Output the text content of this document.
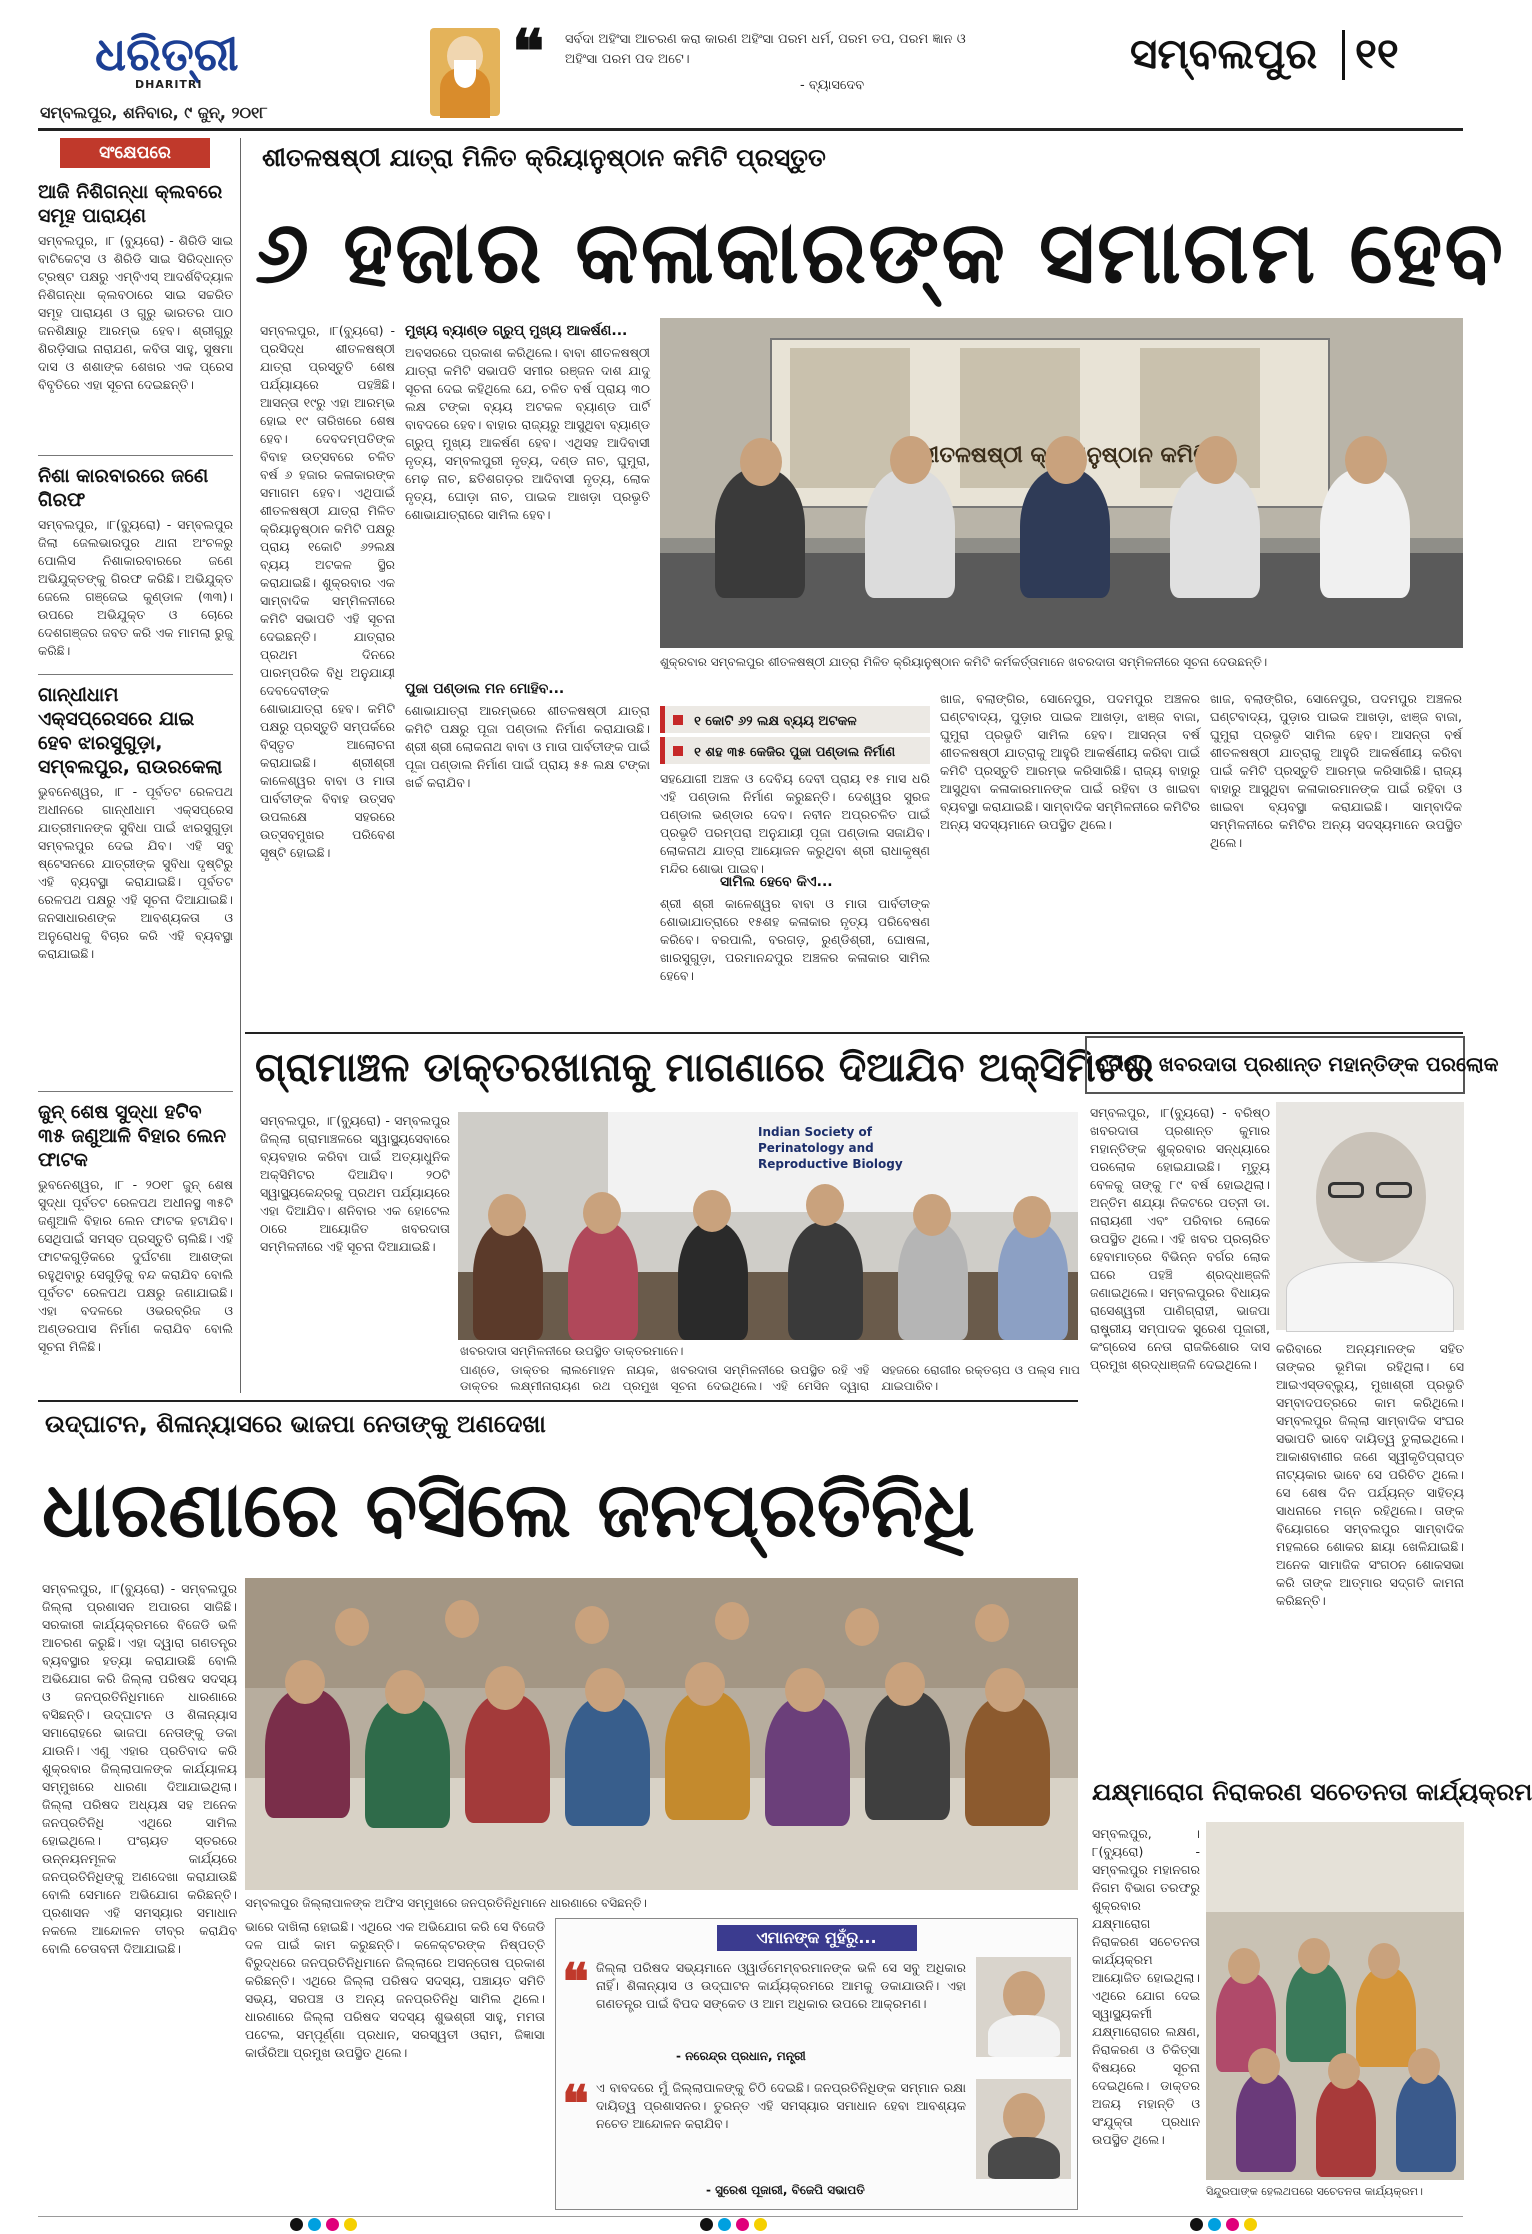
ଧରିତ୍ରୀ
DHARITRI
ସମ୍ବଲପୁର, ଶନିବାର, ୯ ଜୁନ୍, ୨୦୧୮
❝ ସର୍ବଦା ଅହିଂସା ଆଚରଣ କରା କାରଣ ଅହିଂସା ପରମ ଧର୍ମ, ପରମ ତପ, ପରମ ଜ୍ଞାନ ଓ ଅହିଂସା ପରମ ପଦ ଅଟେ।
- ବ୍ୟାସଦେବ
ସମ୍ବଲପୁର ୧୧
ସଂକ୍ଷେପରେ
ଆଜି ନିଶିଗନ୍ଧା କ୍ଲବରେ ସମୂହ ପାରାୟଣ
ସମ୍ବଲପୁର, ।୮ (ବ୍ୟୁରୋ) - ଶିରିଡି ସାଇ ବାଟିକେଟ୍ସ ଓ ଶିରିଡି ସାଇ ସିରିଦ୍ଧାନ୍ତ ଟ୍ରଷ୍ଟ ପକ୍ଷରୁ ଏମ୍‌ବିଏସ୍ ଆଦର୍ଶବିଦ୍ୟାଳ ନିଶିଗନ୍ଧା କ୍ଲବଠାରେ ସାଇ ସଚ୍ଚରିତ ସମୂହ ପାରାୟଣ ଓ ଗୁରୁ ଭାରତର ପାଠ ଜନଶିକ୍ଷାରୁ ଆରମ୍ଭ ହେବ। ଶ୍ରୀଗୁରୁ ଶିରଡ଼ିସାଇ ନାରାଯଣ, କବିତା ସାହୁ, ସୁଷମା ଦାସ ଓ ଶଶାଙ୍କ ଶେଖର ଏକ ପ୍ରେସ ବିବୃତିରେ ଏହା ସୂଚନା ଦେଇଛନ୍ତି।
ନିଶା କାରବାରରେ ଜଣେ ଗିରଫ
ସମ୍ବଲପୁର, ।୮(ବ୍ୟୁରୋ) - ସମ୍ବଲପୁର ଜିଲା ଜେଲଭାରପୁର ଥାନା ଅଂଚଳରୁ ପୋଲିସ ନିଶାକାରବାରରେ ଜଣେ ଅଭିଯୁକ୍ତଙ୍କୁ ଗିରଫ କରିଛି। ଅଭିଯୁକ୍ତ ଜେଲେ ଗଞ୍ଜେଇ କୁଣ୍ଡାଳ (୩୩)। ଉପରେ ଅଭିଯୁକ୍ତ ଓ ଚୋରେ ଦେଶଗଞ୍ଜର ଜବତ କରି ଏକ ମାମଲା ରୁଜୁ କରିଛି।
ଗାନ୍ଧୀଧାମ ଏକ୍ସପ୍ରେସରେ ଯାଇ ହେବ ଝାରସୁଗୁଡ଼ା, ସମ୍ବଲପୁର, ରାଉରକେଲା
ଭୁବନେଶ୍ୱର, ।୮ - ପୂର୍ବତଟ ରେଳପଥ ଅଧୀନରେ ଗାନ୍ଧୀଧାମ ଏକ୍ସପ୍ରେସ ଯାତ୍ରୀମାନଙ୍କ ସୁବିଧା ପାଇଁ ଝାରସୁଗୁଡ଼ା ସମ୍ବଲପୁର ଦେଇ ଯିବ। ଏହି ସବୁ ଷ୍ଟେସନରେ ଯାତ୍ରୀଙ୍କ ସୁବିଧା ଦୃଷ୍ଟିରୁ ଏହି ବ୍ୟବସ୍ଥା କରାଯାଇଛି। ପୂର୍ବତଟ ରେଳପଥ ପକ୍ଷରୁ ଏହି ସୂଚନା ଦିଆଯାଇଛି। ଜନସାଧାରଣଙ୍କ ଆବଶ୍ୟକତା ଓ ଅନୁରୋଧକୁ ବିଚାର କରି ଏହି ବ୍ୟବସ୍ଥା କରାଯାଇଛି।
ଜୁନ୍ ଶେଷ ସୁଦ୍ଧା ହଟିବ ୩୫ ଜଣୁଆଳି ବିହାର ଲେନ ଫାଟକ
ଭୁବନେଶ୍ୱର, ।୮ - ୨୦୧୮ ଜୁନ୍ ଶେଷ ସୁଦ୍ଧା ପୂର୍ବତଟ ରେଳପଥ ଅଧୀନସ୍ଥ ୩୫ଟି ଜଣୁଆଳି ବିହାର ଲେନ ଫାଟକ ହଟାଯିବ। ସେଥିପାଇଁ ସମସ୍ତ ପ୍ରସ୍ତୁତି ଚାଲିଛି। ଏହି ଫାଟକଗୁଡ଼ିକରେ ଦୁର୍ଘଟଣା ଆଶଙ୍କା ରହୁଥିବାରୁ ସେଗୁଡ଼ିକୁ ବନ୍ଦ କରାଯିବ ବୋଲି ପୂର୍ବତଟ ରେଳପଥ ପକ୍ଷରୁ ଜଣାଯାଇଛି। ଏହା ବଦଳରେ ଓଭରବ୍ରିଜ ଓ ଅଣ୍ଡରପାସ ନିର୍ମାଣ କରାଯିବ ବୋଲି ସୂଚନା ମିଳିଛି।
ଶୀତଳଷଷ୍ଠୀ ଯାତ୍ରା ମିଳିତ କ୍ରିୟାନୁଷ୍ଠାନ କମିଟି ପ୍ରସ୍ତୁତ
୬ ହଜାର କଳାକାରଙ୍କ ସମାଗମ ହେବ
ସମ୍ବଲପୁର, ।୮(ବ୍ୟୁରୋ) - ପ୍ରସିଦ୍ଧ ଶୀତଳଷଷ୍ଠୀ ଯାତ୍ରା ପ୍ରସ୍ତୁତି ଶେଷ ପର୍ଯ୍ୟାୟରେ ପହଞ୍ଚିଛି। ଆସନ୍ତା ୧୯ରୁ ଏହା ଆରମ୍ଭ ହୋଇ ୧୯ ତାରିଖରେ ଶେଷ ହେବ। ଦେବଦମ୍ପତିଙ୍କ ବିବାହ ଉତ୍ସବରେ ଚଳିତ ବର୍ଷ ୬ ହଜାର କଳାକାରଙ୍କ ସମାଗମ ହେବ। ଏଥିପାଇଁ ଶୀତଳଷଷ୍ଠୀ ଯାତ୍ରା ମିଳିତ କ୍ରିୟାନୁଷ୍ଠାନ କମିଟି ପକ୍ଷରୁ ପ୍ରାୟ ୧କୋଟି ୬୨ଲକ୍ଷ ବ୍ୟୟ ଅଟକଳ ସ୍ଥିର କରାଯାଇଛି। ଶୁକ୍ରବାର ଏକ ସାମ୍ବାଦିକ ସମ୍ମିଳନୀରେ କମିଟି ସଭାପତି ଏହି ସୂଚନା ଦେଇଛନ୍ତି। ଯାତ୍ରାର ପ୍ରଥମ ଦିନରେ ପାରମ୍ପରିକ ବିଧି ଅନୁଯାୟୀ ଦେବଦେବୀଙ୍କ ଶୋଭାଯାତ୍ରା ହେବ। କମିଟି ପକ୍ଷରୁ ପ୍ରସ୍ତୁତି ସମ୍ପର୍କରେ ବିସ୍ତୃତ ଆଲୋଚନା କରାଯାଇଛି। ଶ୍ରୀଶ୍ରୀ କାଳେଶ୍ୱର ବାବା ଓ ମାତା ପାର୍ବତୀଙ୍କ ବିବାହ ଉତ୍ସବ ଉପଲକ୍ଷେ ସହରରେ ଉତ୍ସବମୁଖର ପରିବେଶ ସୃଷ୍ଟି ହୋଇଛି।
ମୁଖ୍ୟ ବ୍ୟାଣ୍ଡ ଗ୍ରୁପ୍ ମୁଖ୍ୟ ଆକର୍ଷଣ...
ଅବସରରେ ପ୍ରକାଶ କରିଥିଲେ। ବାବା ଶୀତଳଷଷ୍ଠୀ ଯାତ୍ରା କମିଟି ସଭାପତି ସମୀର ରଞ୍ଜନ ଦାଶ ଯାଦୁ ସୂଚନା ଦେଇ କହିଥିଲେ ଯେ, ଚଳିତ ବର୍ଷ ପ୍ରାୟ ୩୦ ଲକ୍ଷ ଟଙ୍କା ବ୍ୟୟ ଅଟକଳ ବ୍ୟାଣ୍ଡ ପାର୍ଟି ବାବଦରେ ହେବ। ବାହାର ରାଜ୍ୟରୁ ଆସୁଥିବା ବ୍ୟାଣ୍ଡ ଗ୍ରୁପ୍ ମୁଖ୍ୟ ଆକର୍ଷଣ ହେବ। ଏଥିସହ ଆଦିବାସୀ ନୃତ୍ୟ, ସମ୍ବଲପୁରୀ ନୃତ୍ୟ, ଦଣ୍ଡ ନାଚ, ଘୁମୁରା, ମେଢ଼ ନାଚ, ଛତିଶଗଡ଼ର ଆଦିବାସୀ ନୃତ୍ୟ, ଲୋକ ନୃତ୍ୟ, ଘୋଡ଼ା ନାଚ, ପାଇକ ଆଖଡ଼ା ପ୍ରଭୃତି ଶୋଭାଯାତ୍ରାରେ ସାମିଲ ହେବ।
ପୁଜା ପଣ୍ଡାଲ ମନ ମୋହିବ...
ଶୋଭାଯାତ୍ରା ଆରମ୍ଭରେ ଶୀତଳଷଷ୍ଠୀ ଯାତ୍ରା କମିଟି ପକ୍ଷରୁ ପୂଜା ପଣ୍ଡାଲ ନିର୍ମାଣ କରାଯାଉଛି। ଶ୍ରୀ ଶ୍ରୀ ଲୋକନାଥ ବାବା ଓ ମାତା ପାର୍ବତୀଙ୍କ ପାଇଁ ପୂଜା ପଣ୍ଡାଲ ନିର୍ମାଣ ପାଇଁ ପ୍ରାୟ ୫୫ ଲକ୍ଷ ଟଙ୍କା ଖର୍ଚ୍ଚ କରାଯିବ।
ଶ୍ରୀତଳଷଷ୍ଠୀ କ୍ରିୟାନୁଷ୍ଠାନ କମିଟି
ଶୁକ୍ରବାର ସମ୍ବଲପୁର ଶୀତଳଷଷ୍ଠୀ ଯାତ୍ରା ମିଳିତ କ୍ରିୟାନୁଷ୍ଠାନ କମିଟି କର୍ମକର୍ତ୍ତାମାନେ ଖବରଦାତା ସମ୍ମିଳନୀରେ ସୂଚନା ଦେଉଛନ୍ତି।
୧ କୋଟି ୬୨ ଲକ୍ଷ ବ୍ୟୟ ଅଟକଳ
୧ ଶହ ୩୫ କେଜିର ପୁଜା ପଣ୍ଡାଲ ନିର୍ମାଣ
ସହଯୋଗୀ ଅଞ୍ଚଳ ଓ ଦେବିୟ ଦେବୀ ପ୍ରାୟ ୧୫ ମାସ ଧରି ଏହି ପଣ୍ଡାଲ ନିର୍ମାଣ କରୁଛନ୍ତି। ଦେଶ୍ୱର ସୁରଜ ପଣ୍ଡାଲ ଭଣ୍ଡାର ଦେବ। ନବୀନ ଅପ୍ରଚଳିତ ପାଇଁ ପ୍ରଭୃତି ପରମ୍ପରା ଅନୁଯାୟୀ ପୂଜା ପଣ୍ଡାଲ ସଜାଯିବ। ଲୋକନାଥ ଯାତ୍ରା ଆୟୋଜନ କରୁଥିବା ଶ୍ରୀ ରାଧାକୃଷ୍ଣ ମନ୍ଦିର ଶୋଭା ପାଇବ।
ସାମିଲ ହେବେ କିଏ...
ଶ୍ରୀ ଶ୍ରୀ କାଳେଶ୍ୱର ବାବା ଓ ମାତା ପାର୍ବତୀଙ୍କ ଶୋଭାଯାତ୍ରାରେ ୧୫ଶହ କଳାକାର ନୃତ୍ୟ ପରିବେଷଣ କରିବେ। ବରପାଲି, ବରଗଡ଼, ରୁଣ୍ଡିଶ୍ରୀ, ଘୋଷଳା, ଖାରସୁଗୁଡ଼ା, ପରମାନନ୍ଦପୁର ଅଞ୍ଚଳର କଳାକାର ସାମିଲ ହେବେ।
ଖାଜ, ବଲାଙ୍ଗିର, ସୋନେପୁର, ପଦମପୁର ଅଞ୍ଚଳର ଘଣ୍ଟବାଦ୍ୟ, ପୁଡ଼ାର ପାଇକ ଆଖଡ଼ା, ଝାଞ୍ଜ ବାଜା, ଘୁମୁରା ପ୍ରଭୃତି ସାମିଲ ହେବ। ଆସନ୍ତା ବର୍ଷ ଶୀତଳଷଷ୍ଠୀ ଯାତ୍ରାକୁ ଆହୁରି ଆକର୍ଷଣୀୟ କରିବା ପାଇଁ କମିଟି ପ୍ରସ୍ତୁତି ଆରମ୍ଭ କରିସାରିଛି। ରାଜ୍ୟ ବାହାରୁ ଆସୁଥିବା କଳାକାରମାନଙ୍କ ପାଇଁ ରହିବା ଓ ଖାଇବା ବ୍ୟବସ୍ଥା କରାଯାଇଛି। ସାମ୍ବାଦିକ ସମ୍ମିଳନୀରେ କମିଟିର ଅନ୍ୟ ସଦସ୍ୟମାନେ ଉପସ୍ଥିତ ଥିଲେ।
ଖାଜ, ବଲାଙ୍ଗିର, ସୋନେପୁର, ପଦମପୁର ଅଞ୍ଚଳର ଘଣ୍ଟବାଦ୍ୟ, ପୁଡ଼ାର ପାଇକ ଆଖଡ଼ା, ଝାଞ୍ଜ ବାଜା, ଘୁମୁରା ପ୍ରଭୃତି ସାମିଲ ହେବ। ଆସନ୍ତା ବର୍ଷ ଶୀତଳଷଷ୍ଠୀ ଯାତ୍ରାକୁ ଆହୁରି ଆକର୍ଷଣୀୟ କରିବା ପାଇଁ କମିଟି ପ୍ରସ୍ତୁତି ଆରମ୍ଭ କରିସାରିଛି। ରାଜ୍ୟ ବାହାରୁ ଆସୁଥିବା କଳାକାରମାନଙ୍କ ପାଇଁ ରହିବା ଓ ଖାଇବା ବ୍ୟବସ୍ଥା କରାଯାଇଛି। ସାମ୍ବାଦିକ ସମ୍ମିଳନୀରେ କମିଟିର ଅନ୍ୟ ସଦସ୍ୟମାନେ ଉପସ୍ଥିତ ଥିଲେ।
ଗ୍ରାମାଞ୍ଚଳ ଡାକ୍ତରଖାନାକୁ ମାଗଣାରେ ଦିଆଯିବ ଅକ୍ସିମିଟର
ସମ୍ବଲପୁର, ।୮(ବ୍ୟୁରୋ) - ସମ୍ବଲପୁର ଜିଲ୍ଲା ଗ୍ରାମାଞ୍ଚଳରେ ସ୍ୱାସ୍ଥ୍ୟସେବାରେ ବ୍ୟବହାର କରିବା ପାଇଁ ଅତ୍ୟାଧୁନିକ ଅକ୍ସିମିଟର ଦିଆଯିବ। ୨୦ଟି ସ୍ୱାସ୍ଥ୍ୟକେନ୍ଦ୍ରକୁ ପ୍ରଥମ ପର୍ଯ୍ୟାୟରେ ଏହା ଦିଆଯିବ। ଶନିବାର ଏକ ହୋଟେଲ ଠାରେ ଆୟୋଜିତ ଖବରଦାତା ସମ୍ମିଳନୀରେ ଏହି ସୂଚନା ଦିଆଯାଇଛି।
Indian Society of Perinatology and Reproductive Biology
ଖବରଦାତା ସମ୍ମିଳନୀରେ ଉପସ୍ଥିତ ଡାକ୍ତରମାନେ।
ପାଣ୍ଡେ, ଡାକ୍ତର ଲାଲମୋହନ ନାୟକ, ଡାକ୍ତର ଲକ୍ଷ୍ମୀନାରାୟଣ ରଥ ପ୍ରମୁଖ ଖବରଦାତା ସମ୍ମିଳନୀରେ ଉପସ୍ଥିତ ରହି ଏହି ସୂଚନା ଦେଇଥିଲେ। ଏହି ମେସିନ ଦ୍ୱାରା ସହଜରେ ରୋଗୀର ରକ୍ତଚାପ ଓ ପଲ୍ସ ମାପ ଯାଇପାରିବ।
ବରିଷ୍ଠ ଖବରଦାତା ପ୍ରଶାନ୍ତ ମହାନ୍ତିଙ୍କ ପରଲୋକ
ସମ୍ବଲପୁର, ।୮(ବ୍ୟୁରୋ) - ବରିଷ୍ଠ ଖବରଦାତା ପ୍ରଶାନ୍ତ କୁମାର ମହାନ୍ତିଙ୍କ ଶୁକ୍ରବାର ସନ୍ଧ୍ୟାରେ ପରଲୋକ ହୋଇଯାଇଛି। ମୃତ୍ୟୁ ବେଳକୁ ତାଙ୍କୁ ୮୯ ବର୍ଷ ହୋଇଥିଲା। ଅନ୍ତିମ ଶଯ୍ୟା ନିକଟରେ ପତ୍ନୀ ଡା. ନାରାୟଣୀ ଏବଂ ପରିବାର ଲୋକେ ଉପସ୍ଥିତ ଥିଲେ। ଏହି ଖବର ପ୍ରଚାରିତ ହେବାମାତ୍ରେ ବିଭିନ୍ନ ବର୍ଗର ଲୋକ ଘରେ ପହଞ୍ଚି ଶ୍ରଦ୍ଧାଞ୍ଜଳି ଜଣାଇଥିଲେ। ସମ୍ବଲପୁରର ବିଧାୟକ ରାସେଶ୍ୱରୀ ପାଣିଗ୍ରାହୀ, ଭାଜପା ରାଷ୍ଟ୍ରୀୟ ସମ୍ପାଦକ ସୁରେଶ ପୂଜାରୀ, କଂଗ୍ରେସ ନେତା ରାଜକିଶୋର ଦାସ ପ୍ରମୁଖ ଶ୍ରଦ୍ଧାଞ୍ଜଳି ଦେଇଥିଲେ।
କରିବାରେ ଅନ୍ୟମାନଙ୍କ ସହିତ ତାଙ୍କର ଭୂମିକା ରହିଥିଲା। ସେ ଆଇଏସ୍‌ଡବ୍ଲ୍ୟୁ, ମୁଖାଶ୍ରୀ ପ୍ରଭୃତି ସମ୍ବାଦପତ୍ରରେ କାମ କରିଥିଲେ। ସମ୍ବଲପୁର ଜିଲ୍ଲା ସାମ୍ବାଦିକ ସଂଘର ସଭାପତି ଭାବେ ଦାୟିତ୍ୱ ତୁଲାଇଥିଲେ। ଆକାଶବାଣୀର ଜଣେ ସ୍ୱୀକୃତିପ୍ରାପ୍ତ ନାଟ୍ୟକାର ଭାବେ ସେ ପରିଚିତ ଥିଲେ। ସେ ଶେଷ ଦିନ ପର୍ଯ୍ୟନ୍ତ ସାହିତ୍ୟ ସାଧନାରେ ମଗ୍ନ ରହିଥିଲେ। ତାଙ୍କ ବିୟୋଗରେ ସମ୍ବଲପୁର ସାମ୍ବାଦିକ ମହଲରେ ଶୋକର ଛାୟା ଖେଳିଯାଇଛି। ଅନେକ ସାମାଜିକ ସଂଗଠନ ଶୋକସଭା କରି ତାଙ୍କ ଆତ୍ମାର ସଦ୍‌ଗତି କାମନା କରିଛନ୍ତି।
ଉଦ୍‌ଘାଟନ, ଶିଳାନ୍ୟାସରେ ଭାଜପା ନେତାଙ୍କୁ ଅଣଦେଖା
ଧାରଣାରେ ବସିଲେ ଜନପ୍ରତିନିଧି
ସମ୍ବଲପୁର, ।୮(ବ୍ୟୁରୋ) - ସମ୍ବଲପୁର ଜିଲ୍ଲା ପ୍ରଶାସନ ଅପାରଗ ସାଜିଛି। ସରକାରୀ କାର୍ଯ୍ୟକ୍ରମରେ ବିଜେଡି ଭଳି ଆଚରଣ କରୁଛି। ଏହା ଦ୍ୱାରା ଗଣତନ୍ତ୍ର ବ୍ୟବସ୍ଥାର ହତ୍ୟା କରାଯାଉଛି ବୋଲି ଅଭିଯୋଗ କରି ଜିଲ୍ଲା ପରିଷଦ ସଦସ୍ୟ ଓ ଜନପ୍ରତିନିଧିମାନେ ଧାରଣାରେ ବସିଛନ୍ତି। ଉଦ୍‌ଘାଟନ ଓ ଶିଳାନ୍ୟାସ ସମାରୋହରେ ଭାଜପା ନେତାଙ୍କୁ ଡକା ଯାଉନି। ଏଣୁ ଏହାର ପ୍ରତିବାଦ କରି ଶୁକ୍ରବାର ଜିଲ୍ଲାପାଳଙ୍କ କାର୍ଯ୍ୟାଳୟ ସମ୍ମୁଖରେ ଧାରଣା ଦିଆଯାଇଥିଲା। ଜିଲ୍ଲା ପରିଷଦ ଅଧ୍ୟକ୍ଷ ସହ ଅନେକ ଜନପ୍ରତିନିଧି ଏଥିରେ ସାମିଲ ହୋଇଥିଲେ। ପଂଚାୟତ ସ୍ତରରେ ଉନ୍ନୟନମୂଳକ କାର୍ଯ୍ୟରେ ଜନପ୍ରତିନିଧିଙ୍କୁ ଅଣଦେଖା କରାଯାଉଛି ବୋଲି ସେମାନେ ଅଭିଯୋଗ କରିଛନ୍ତି। ପ୍ରଶାସନ ଏହି ସମସ୍ୟାର ସମାଧାନ ନକଲେ ଆନ୍ଦୋଳନ ତୀବ୍ର କରାଯିବ ବୋଲି ଚେତାବନୀ ଦିଆଯାଇଛି।
ସମ୍ବଲପୁର ଜିଲ୍ଲାପାଳଙ୍କ ଅଫିସ ସମ୍ମୁଖରେ ଜନପ୍ରତିନିଧିମାନେ ଧାରଣାରେ ବସିଛନ୍ତି।
ଭାରେ ଦାଖିଲା ହୋଇଛି। ଏଥିରେ ଏକ ଅଭିଯୋଗ କରି ସେ ବିଜେଡି ଦଳ ପାଇଁ କାମ କରୁଛନ୍ତି। କଳେକ୍ଟରଙ୍କ ନିଷ୍ପତ୍ତି ବିରୁଦ୍ଧରେ ଜନପ୍ରତିନିଧିମାନେ ଜିଲ୍ଲାରେ ଅସନ୍ତୋଷ ପ୍ରକାଶ କରିଛନ୍ତି। ଏଥିରେ ଜିଲ୍ଲା ପରିଷଦ ସଦସ୍ୟ, ପଞ୍ଚାୟତ ସମିତି ସଭ୍ୟ, ସରପଞ୍ଚ ଓ ଅନ୍ୟ ଜନପ୍ରତିନିଧି ସାମିଲ ଥିଲେ। ଧାରଣାରେ ଜିଲ୍ଲା ପରିଷଦ ସଦସ୍ୟ ଶୁଭଶ୍ରୀ ସାହୁ, ମମତା ପଟେଲ, ସମ୍ପୂର୍ଣ୍ଣା ପ୍ରଧାନ, ସରସ୍ୱତୀ ଓରାମ, ଜିଜ୍ଞାସା କାଉଁରିଆ ପ୍ରମୁଖ ଉପସ୍ଥିତ ଥିଲେ।
ଏମାନଙ୍କ ମୁହଁରୁ...
❝ ଜିଲ୍ଲା ପରିଷଦ ସଭ୍ୟମାନେ ଓ୍ୱାର୍ଡମେମ୍ବରମାନଙ୍କ ଭଳି ସେ ସବୁ ଅଧିକାର ନାହିଁ। ଶିଳାନ୍ୟାସ ଓ ଉଦ୍‌ଘାଟନ କାର୍ଯ୍ୟକ୍ରମରେ ଆମକୁ ଡକାଯାଉନି। ଏହା ଗଣତନ୍ତ୍ର ପାଇଁ ବିପଦ ସଙ୍କେତ ଓ ଆମ ଅଧିକାର ଉପରେ ଆକ୍ରମଣ।
- ନରେନ୍ଦ୍ର ପ୍ରଧାନ, ମନ୍ତ୍ରୀ
❝ ଏ ବାବଦରେ ମୁଁ ଜିଲ୍ଲାପାଳଙ୍କୁ ଚିଠି ଦେଇଛି। ଜନପ୍ରତିନିଧିଙ୍କ ସମ୍ମାନ ରକ୍ଷା ଦାୟିତ୍ୱ ପ୍ରଶାସନର। ତୁରନ୍ତ ଏହି ସମସ୍ୟାର ସମାଧାନ ହେବା ଆବଶ୍ୟକ ନଚେତ ଆନ୍ଦୋଳନ କରାଯିବ।
- ସୁରେଶ ପୂଜାରୀ, ବିଜେପି ସଭାପତି
ଯକ୍ଷ୍ମାରୋଗ ନିରାକରଣ ସଚେତନତା କାର୍ଯ୍ୟକ୍ରମ
ସମ୍ବଲପୁର, ।୮(ବ୍ୟୁରୋ) - ସମ୍ବଲପୁର ମହାନଗର ନିଗମ ବିଭାଗ ତରଫରୁ ଶୁକ୍ରବାର ଯକ୍ଷ୍ମାରୋଗ ନିରାକରଣ ସଚେତନତା କାର୍ଯ୍ୟକ୍ରମ ଆୟୋଜିତ ହୋଇଥିଲା। ଏଥିରେ ଯୋଗ ଦେଇ ସ୍ୱାସ୍ଥ୍ୟକର୍ମୀ ଯକ୍ଷ୍ମାରୋଗର ଲକ୍ଷଣ, ନିରାକରଣ ଓ ଚିକିତ୍ସା ବିଷୟରେ ସୂଚନା ଦେଇଥିଲେ। ଡାକ୍ତର ଅଜୟ ମହାନ୍ତି ଓ ସଂଯୁକ୍ତା ପ୍ରଧାନ ଉପସ୍ଥିତ ଥିଲେ।
ସିନ୍ଦୁରପାଙ୍କ ହେଲଥପରେ ସଚେତନତା କାର୍ଯ୍ୟକ୍ରମ।
